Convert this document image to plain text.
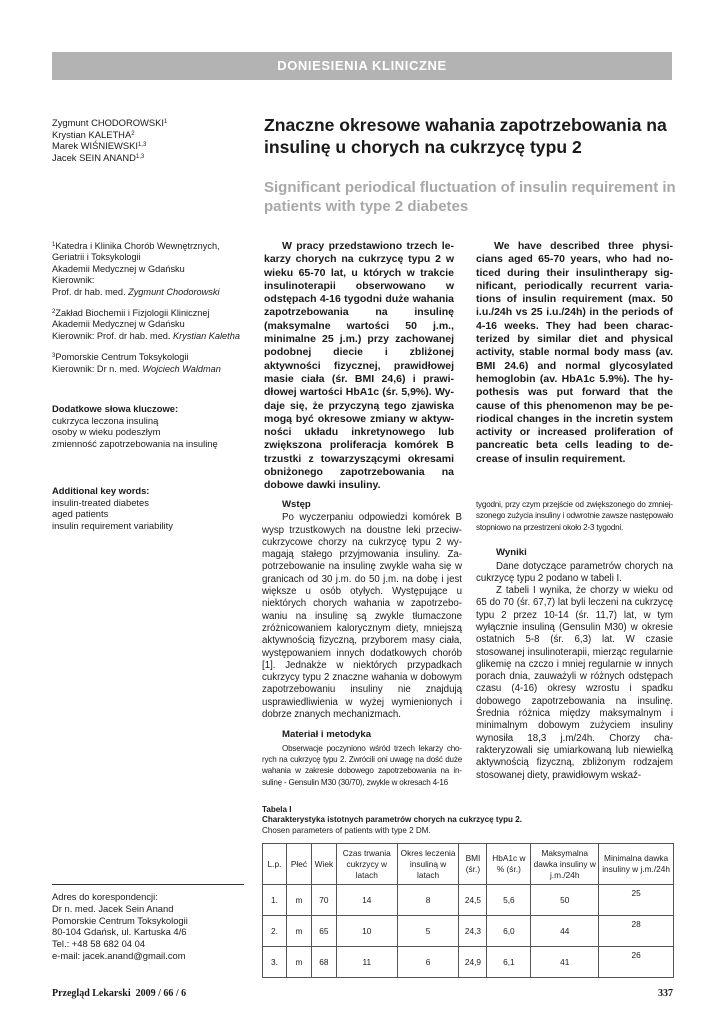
DONIESIENIA KLINICZNE
Zygmunt CHODOROWSKI$^1$
Krystian KALETHA$^2$
Marek WIŚNIEWSKI$^{1,3}$
Jacek SEIN ANAND$^{1,3}$
Znaczne okresowe wahania zapotrzebowania na insulinę u chorych na cukrzycę typu 2
Significant periodical fluctuation of insulin requirement in patients with type 2 diabetes
$^1$Katedra i Klinika Chorób Wewnętrznych,
Geriatrii i Toksykologii
Akademii Medycznej w Gdańsku
Kierownik:
Prof. dr hab. med. Zygmunt Chodorowski
$^2$Zakład Biochemii i Fizjologii Klinicznej
Akademii Medycznej w Gdańsku
Kierownik: Prof. dr hab. med. Krystian Kaletha
$^3$Pomorskie Centrum Toksykologii
Kierownik: Dr n. med. Wojciech Waldman
Dodatkowe słowa kluczowe:
cukrzyca leczona insuliną
osoby w wieku podeszłym
zmienność zapotrzebowania na insulinę
Additional key words:
insulin-treated diabetes
aged patients
insulin requirement variability

W pracy przedstawiono trzech lekarzy chorych na cukrzycę typu 2 w wieku 65-70 lat, u których w trakcie insulinoterapii obserwowano w odstępach 4-16 tygodni duże wahania zapotrzebowania na insulinę (maksymalne wartości 50 j.m., minimalne 25 j.m.) przy zachowanej podobnej diecie i zbliżonej aktywności fizycznej, prawidłowej masie ciała (śr. BMI 24,6) i prawidłowej wartości HbA1c (śr. 5,9%). Wydaje się, że przyczyną tego zjawiska mogą być okresowe zmiany w aktywności układu inkretynowego lub zwiększona proliferacja komórek B trzustki z towarzyszącymi okresami obniżonego zapotrzebowania na dobowe dawki insuliny.

We have described three physicians aged 65-70 years, who had noticed during their insulintherapy significant, periodically recurrent variations of insulin requirement (max. 50 i.u./24h vs 25 i.u./24h) in the periods of 4-16 weeks. They had been characterized by similar diet and physical activity, stable normal body mass (av. BMI 24.6) and normal glycosylated hemoglobin (av. HbA1c 5.9%). The hypothesis was put forward that the cause of this phenomenon may be periodical changes in the incretin system activity or increased proliferation of pancreatic beta cells leading to decrease of insulin requirement.

Wstęp

Po wyczerpaniu odpowiedzi komórek B wysp trzustkowych na doustne leki przeciwcukrzycowe chorzy na cukrzycę typu 2 wymagają stałego przyjmowania insuliny. Zapotrzebowanie na insulinę zwykle waha się w granicach od 30 j.m. do 50 j.m. na dobę i jest większe u osób otyłych. Występujące u niektórych chorych wahania w zapotrzebowaniu na insulinę są zwykle tłumaczone zróżnicowaniem kalorycznym diety, mniejszą aktywnością fizyczną, przyborem masy ciała, występowaniem innych dodatkowych chorób [1]. Jednakże w niektórych przypadkach cukrzycy typu 2 znaczne wahania w dobowym zapotrzebowaniu insuliny nie znajdują usprawiedliwienia w wyżej wymienionych i dobrze znanych mechanizmach.

Materiał i metodyka

Obserwacje poczyniono wśród trzech lekarzy chorych na cukrzycę typu 2. Zwrócili oni uwagę na dość duże wahania w zakresie dobowego zapotrzebowania na insulinę - Gensulin M30 (30/70), zwykle w okresach 4-16

tygodni, przy czym przejście od zwiększonego do zmniejszonego zużycia insuliny i odwrotnie zawsze następowało stopniowo na przestrzeni około 2-3 tygodni.

Wyniki

Dane dotyczące parametrów chorych na cukrzycę typu 2 podano w tabeli I.

Z tabeli I wynika, że chorzy w wieku od 65 do 70 (śr. 67,7) lat byli leczeni na cukrzycę typu 2 przez 10-14 (śr. 11,7) lat, w tym wyłącznie insuliną (Gensulin M30) w okresie ostatnich 5-8 (śr. 6,3) lat. W czasie stosowanej insulinoterapii, mierząc regularnie glikemię na czczo i mniej regularnie w innych porach dnia, zauważyli w różnych odstępach czasu (4-16) okresy wzrostu i spadku dobowego zapotrzebowania na insulinę. Średnia różnica między maksymalnym i minimalnym dobowym zużyciem insuliny wynosiła 18,3 j.m/24h. Chorzy charakteryzowali się umiarkowaną lub niewielką aktywnością fizyczną, zbliżonym rodzajem stosowanej diety, prawidłowym wskaź-

Tabela I
Charakterystyka istotnych parametrów chorych na cukrzycę typu 2.
Chosen parameters of patients with type 2 DM.
L.p.	Płeć	Wiek	Czas trwania cukrzycy w latach	Okres leczenia insuliną w latach	BMI (śr.)	HbA1c w % (śr.)	Maksymalna dawka insuliny w j.m./24h	Minimalna dawka insuliny w j.m./24h
1.	m	70	14	8	24,5	5,6	50	25
2.	m	65	10	5	24,3	6,0	44	28
3.	m	68	11	6	24,9	6,1	41	26
Adres do korespondencji:
Dr n. med. Jacek Sein Anand
Pomorskie Centrum Toksykologii
80-104 Gdańsk, ul. Kartuska 4/6
Tel.: +48 58 682 04 04
e-mail: jacek.anand@gmail.com
Przegląd Lekarski  2009 / 66 / 6	337
